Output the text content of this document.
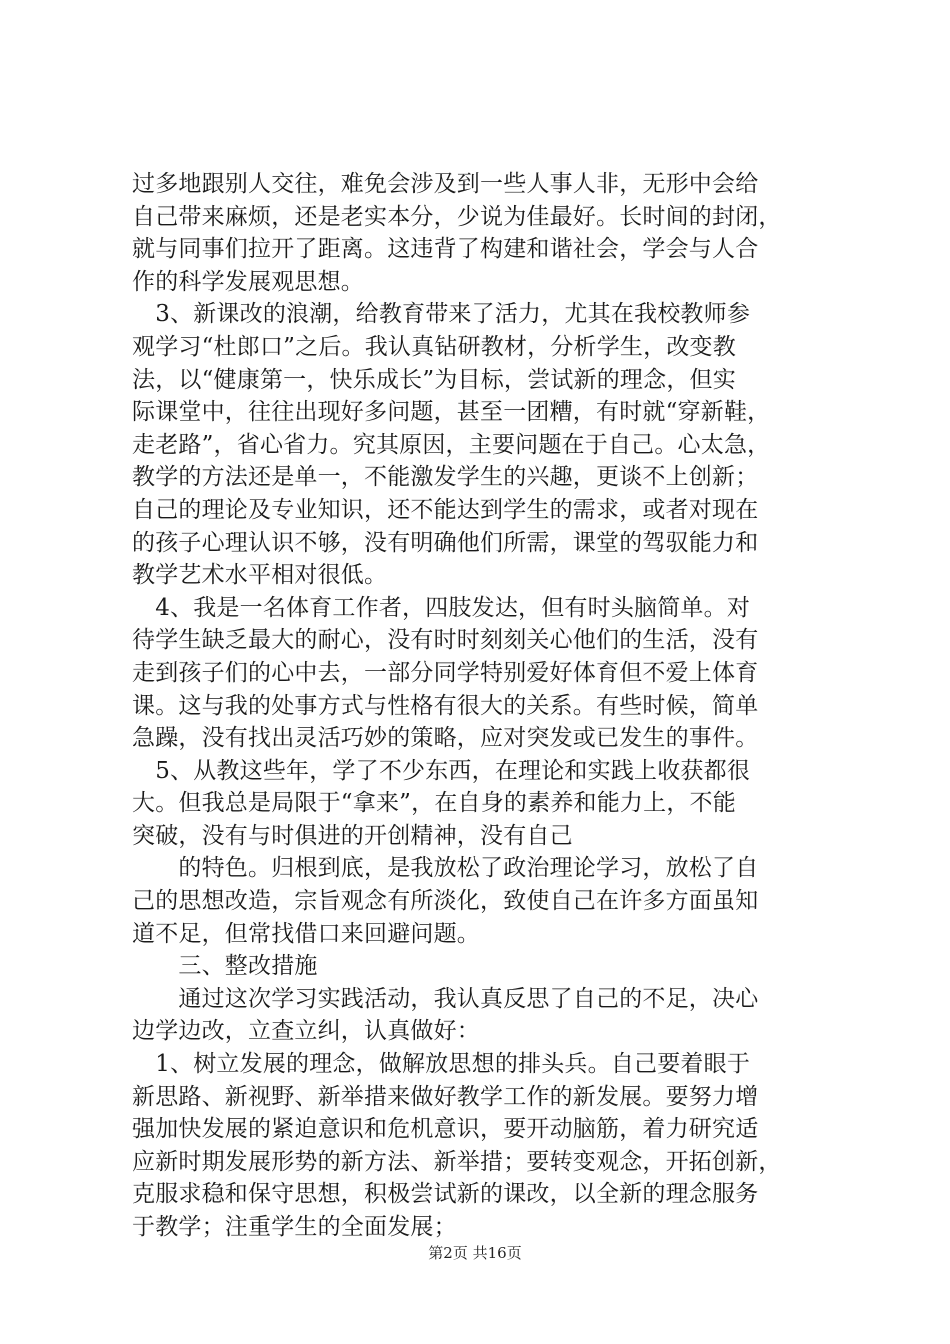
过多地跟别人交往，难免会涉及到一些人事人非，无形中会给
自己带来麻烦，还是老实本分，少说为佳最好。长时间的封闭，
就与同事们拉开了距离。这违背了构建和谐社会，学会与人合
作的科学发展观思想。
　3、新课改的浪潮，给教育带来了活力，尤其在我校教师参
观学习“杜郎口”之后。我认真钻研教材，分析学生，改变教
法，以“健康第一，快乐成长”为目标，尝试新的理念，但实
际课堂中，往往出现好多问题，甚至一团糟，有时就“穿新鞋，
走老路”，省心省力。究其原因，主要问题在于自己。心太急，
教学的方法还是单一，不能激发学生的兴趣，更谈不上创新；
自己的理论及专业知识，还不能达到学生的需求，或者对现在
的孩子心理认识不够，没有明确他们所需，课堂的驾驭能力和
教学艺术水平相对很低。
　4、我是一名体育工作者，四肢发达，但有时头脑简单。对
待学生缺乏最大的耐心，没有时时刻刻关心他们的生活，没有
走到孩子们的心中去，一部分同学特别爱好体育但不爱上体育
课。这与我的处事方式与性格有很大的关系。有些时候，简单
急躁，没有找出灵活巧妙的策略，应对突发或已发生的事件。
　5、从教这些年，学了不少东西，在理论和实践上收获都很
大。但我总是局限于“拿来”，在自身的素养和能力上，不能
突破，没有与时俱进的开创精神，没有自己
　　的特色。归根到底，是我放松了政治理论学习，放松了自
己的思想改造，宗旨观念有所淡化，致使自己在许多方面虽知
道不足，但常找借口来回避问题。
　　三、整改措施
　　通过这次学习实践活动，我认真反思了自己的不足，决心
边学边改，立查立纠，认真做好：
　1、树立发展的理念，做解放思想的排头兵。自己要着眼于
新思路、新视野、新举措来做好教学工作的新发展。要努力增
强加快发展的紧迫意识和危机意识，要开动脑筋，着力研究适
应新时期发展形势的新方法、新举措；要转变观念，开拓创新，
克服求稳和保守思想，积极尝试新的课改，以全新的理念服务
于教学；注重学生的全面发展；
第2页 共16页
